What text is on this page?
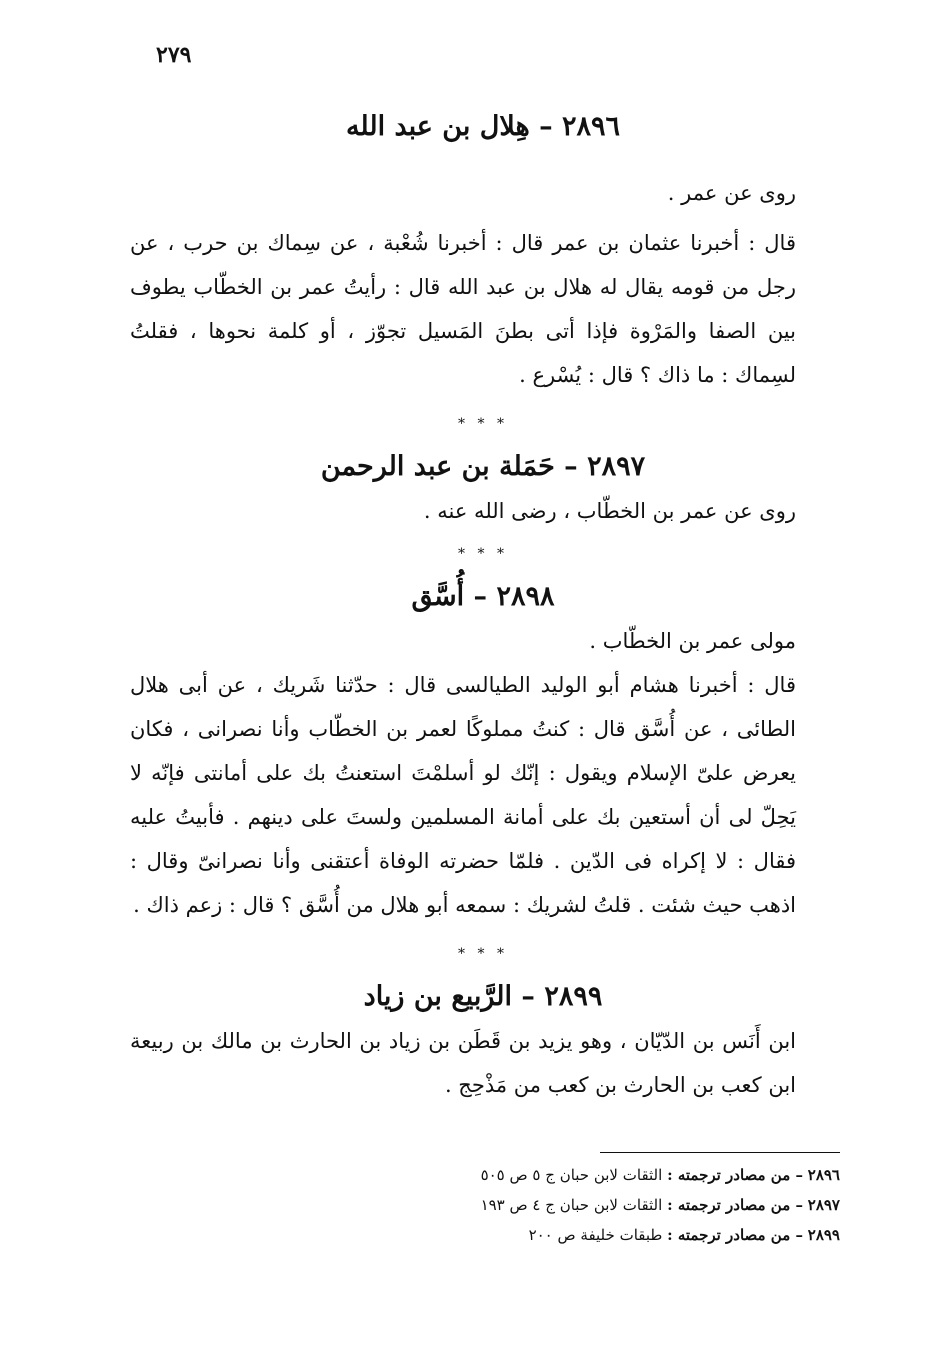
٢٧٩
٢٨٩٦ – هِلال بن عبد الله

روى عن عمر .

قال : أخبرنا عثمان بن عمر قال : أخبرنا شُعْبة ، عن سِماك بن حرب ، عن رجل من قومه يقال له هلال بن عبد الله قال : رأيتُ عمر بن الخطّاب يطوف بين الصفا والمَرْوة فإذا أتى بطنَ المَسيل تجوّز ، أو كلمة نحوها ، فقلتُ لسِماك : ما ذاك ؟ قال : يُسْرع .

* * *
٢٨٩٧ – حَمَلة بن عبد الرحمن

روى عن عمر بن الخطّاب ، رضى الله عنه .

* * *
٢٨٩٨ – أُسَّق

مولى عمر بن الخطّاب .

قال : أخبرنا هشام أبو الوليد الطيالسى قال : حدّثنا شَريك ، عن أبى هلال الطائى ، عن أُسَّق قال : كنتُ مملوكًا لعمر بن الخطّاب وأنا نصرانى ، فكان يعرض علىّ الإسلام ويقول : إنّك لو أسلمْتَ استعنتُ بك على أمانتى فإنّه لا يَحِلّ لى أن أستعين بك على أمانة المسلمين ولستَ على دينهم . فأبيتُ عليه فقال : لا إكراه فى الدّين . فلمّا حضرته الوفاة أعتقنى وأنا نصرانىّ وقال : اذهب حيث شئت . قلتُ لشريك : سمعه أبو هلال من أُسَّق ؟ قال : زعم ذاك .

* * *
٢٨٩٩ – الرَّبيع بن زياد

ابن أَنَس بن الدّيّان ، وهو يزيد بن قَطَن بن زياد بن الحارث بن مالك بن ربيعة ابن كعب بن الحارث بن كعب من مَذْحِج .

٢٨٩٦ – من مصادر ترجمته : الثقات لابن حبان ج ٥ ص ٥٠٥

٢٨٩٧ – من مصادر ترجمته : الثقات لابن حبان ج ٤ ص ١٩٣

٢٨٩٩ – من مصادر ترجمته : طبقات خليفة ص ٢٠٠
